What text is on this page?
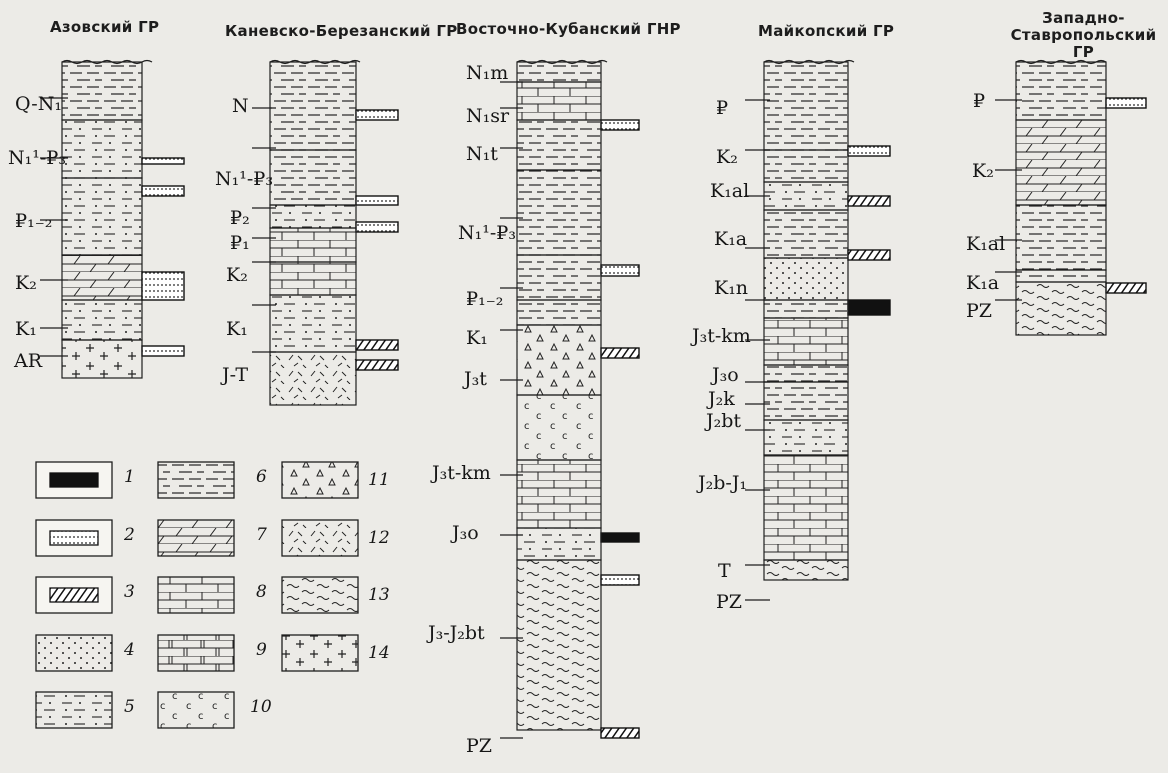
Азовский ГР	Каневско-Березанский ГР
Восточно-Кубанский ГНР	Майкопский ГР
Западно-
Ставропольский ГР
Q-N₁
N₁¹-₽₃
₽₁₋₂
K₂
K₁
AR
N
N₁¹-₽₃
₽₂
₽₁
K₂
K₁
J-T
N₁m
N₁sr
N₁t
N₁¹-₽₃
₽₁₋₂
K₁
J₃t
J₃t-km
J₃o
J₃-J₂bt
PZ
₽
K₂
K₁al
K₁a
K₁n
J₃t-km
J₃o
J₂k
J₂bt
J₂b-J₁
T
PZ
₽
K₂
K₁al
K₁a
PZ
1
2
3
4
5
6
7
8
9
10
11
12
13
14
